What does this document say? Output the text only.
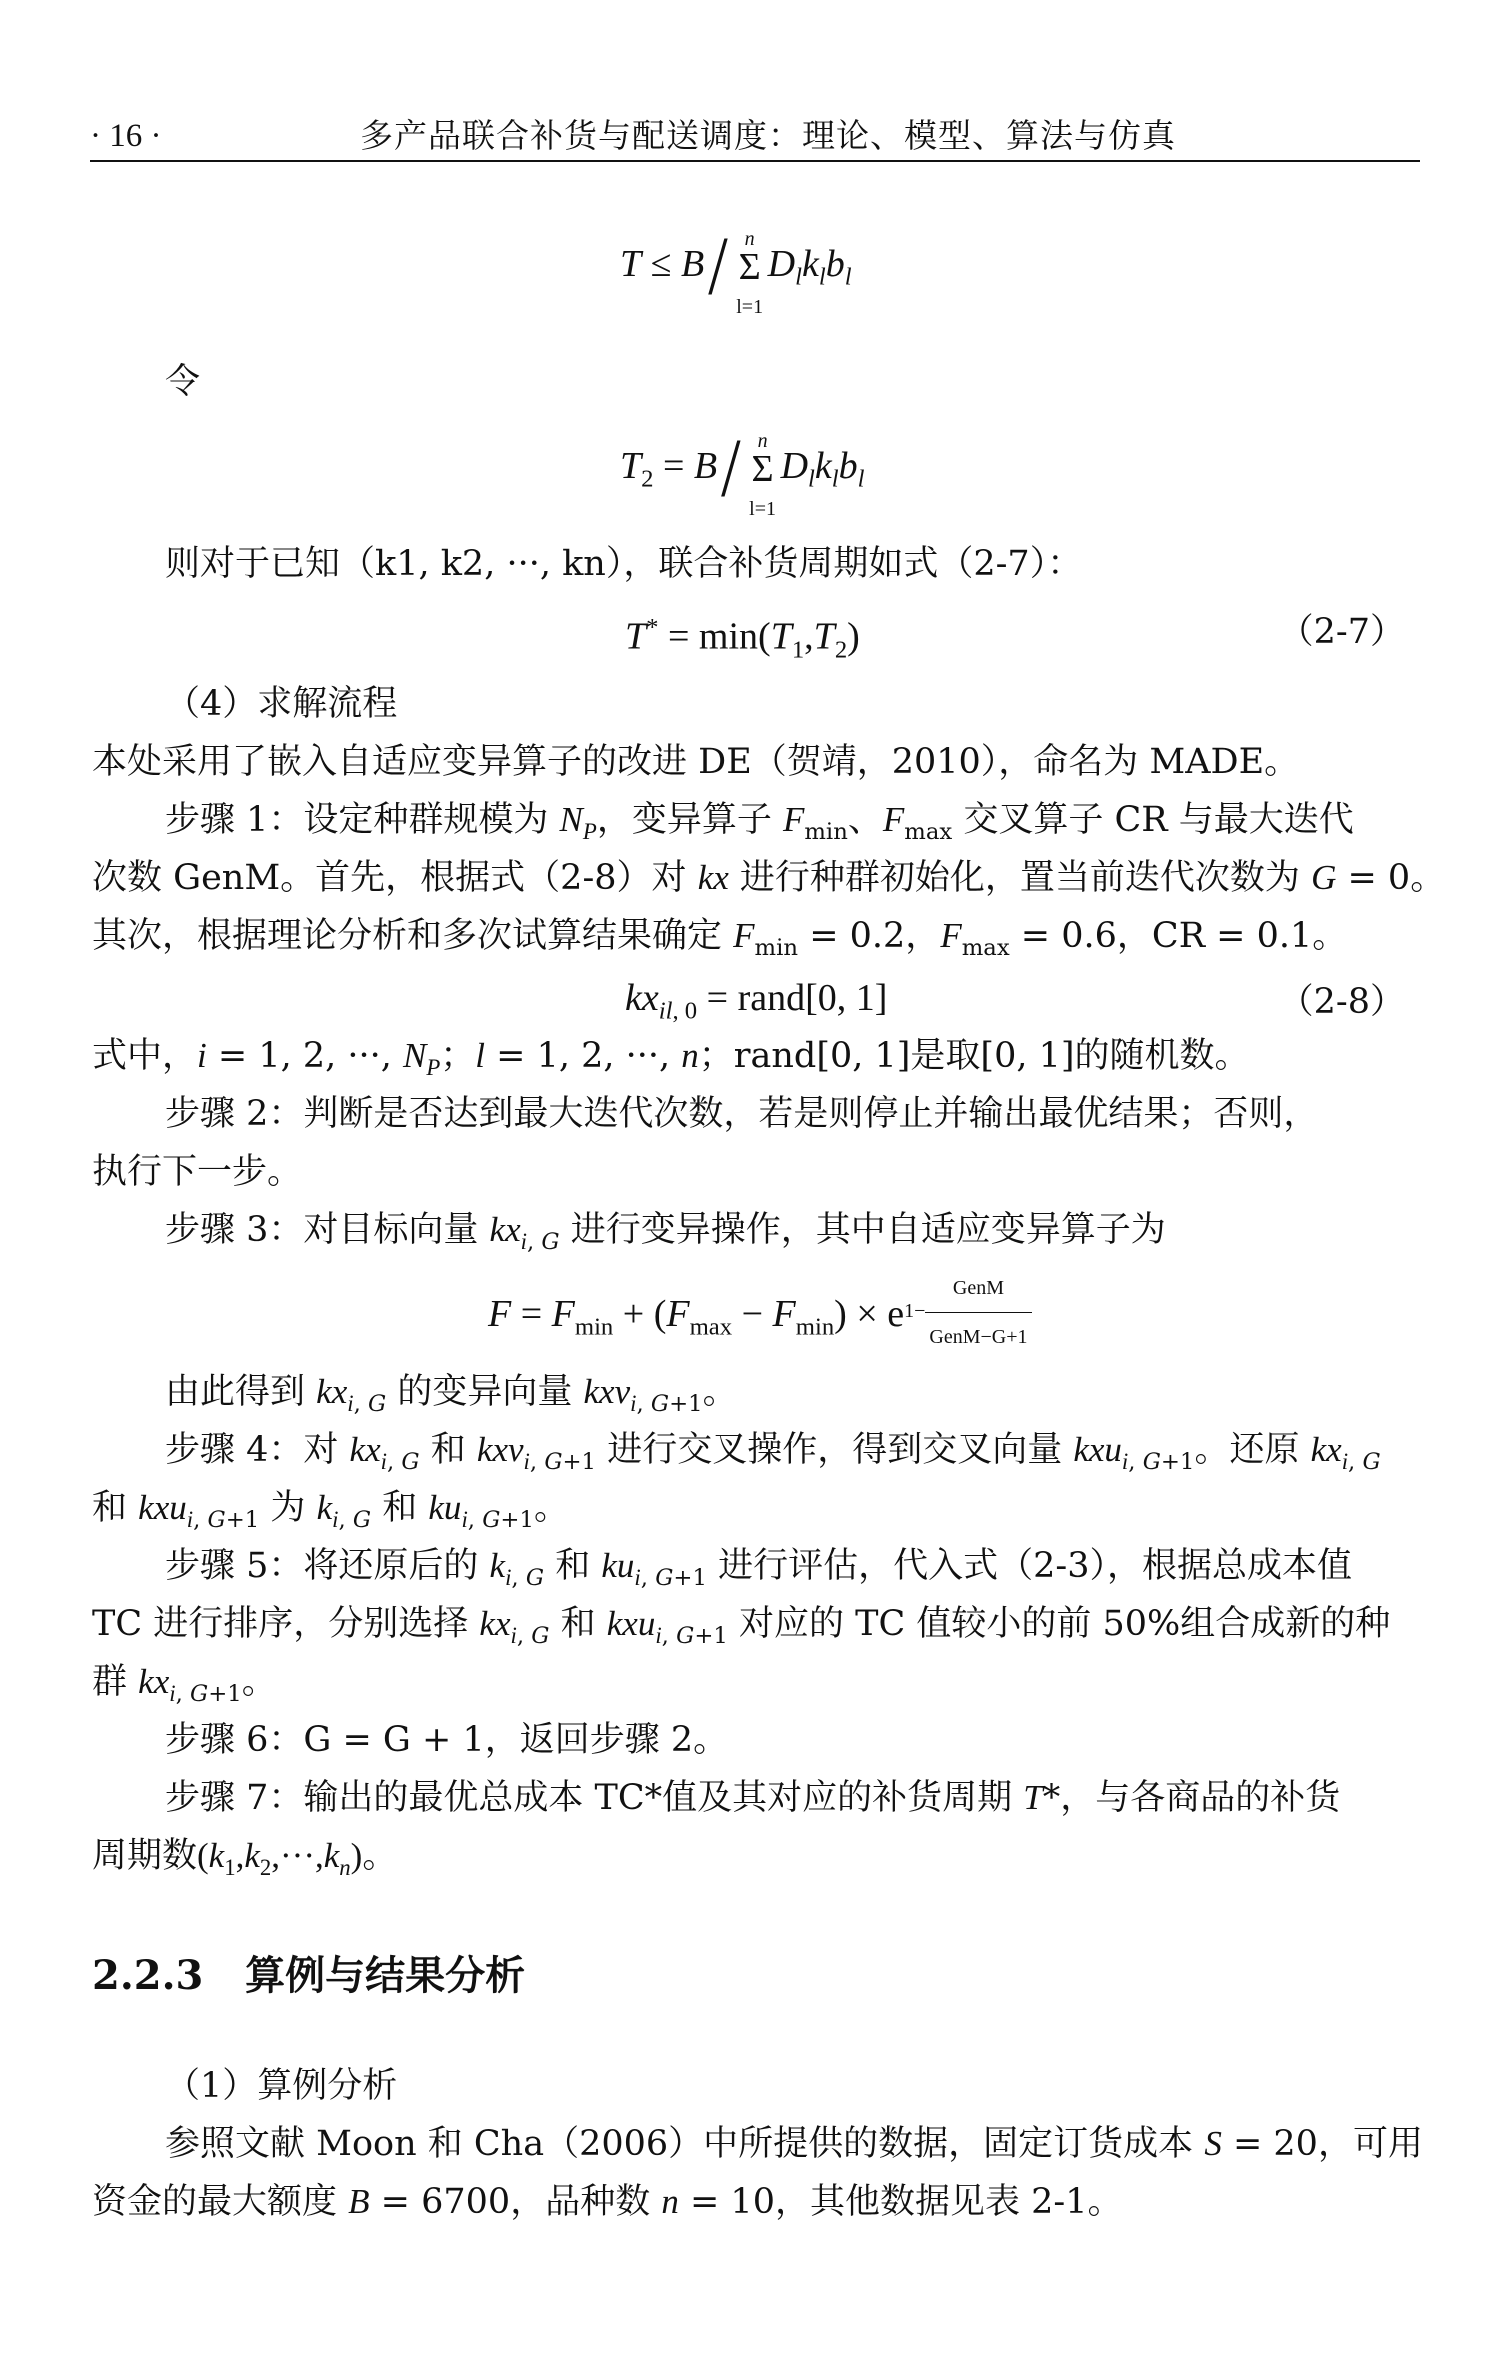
· 16 ·	多产品联合补货与配送调度：理论、模型、算法与仿真
T ≤ B/ n
Σ
l=1
$D_lk_lb_l$
令
$T_2 = B/$ n
Σ
l=1
$D_lk_lb_l$
则对于已知（k1, k2, ···, kn），联合补货周期如式（2-7）：
$T^* = \min(T_1,T_2)$	（2-7）
（4）求解流程
本处采用了嵌入自适应变异算子的改进 DE（贺靖，2010），命名为 MADE。
步骤 1：设定种群规模为 $N_P$，变异算子 $F_{min}$、$F_{max}$ 交叉算子 CR 与最大迭代
次数 GenM。首先，根据式（2-8）对 kx 进行种群初始化，置当前迭代次数为 G = 0。
其次，根据理论分析和多次试算结果确定 $F_{min} = 0.2$，$F_{max} = 0.6$，CR = 0.1。
$kx_{il, 0}$ = rand[0, 1]	（2-8）
式中，i = 1, 2, ···, $N_P$；l = 1, 2, ···, n；rand[0, 1]是取[0, 1]的随机数。
步骤 2：判断是否达到最大迭代次数，若是则停止并输出最优结果；否则，
执行下一步。
步骤 3：对目标向量 $kx_{i, G}$ 进行变异操作，其中自适应变异算子为
$F = F_{min} + (F_{max} - F_{min}) \times e1- \frac{\text{GenM}}{\text{GenM−G+1}}$
由此得到 $kx_{i, G}$ 的变异向量 kxv$_{i, G+1}$。
步骤 4：对 $kx_{i, G}$ 和 kxv$_{i, G+1}$ 进行交叉操作，得到交叉向量 kxu$_{i, G+1}$。还原 $kx_{i, G}$
和 kxu$_{i, G+1}$ 为 $k_{i, G}$ 和 $ku_{i, G+1}$。
步骤 5：将还原后的 $k_{i, G}$ 和 $ku_{i, G+1}$ 进行评估，代入式（2-3），根据总成本值
TC 进行排序，分别选择 $kx_{i, G}$ 和 kxu$_{i, G+1}$ 对应的 TC 值较小的前 50%组合成新的种
群 $kx_{i, G+1}$。
步骤 6：G = G + 1，返回步骤 2。
步骤 7：输出的最优总成本 TC*值及其对应的补货周期 T*，与各商品的补货
周期数$(k_1,k_2,\cdot\cdot\cdot,k_n)$。
2.2.3 算例与结果分析
（1）算例分析
参照文献 Moon 和 Cha（2006）中所提供的数据，固定订货成本 S = 20，可用
资金的最大额度 B = 6700，品种数 n = 10，其他数据见表 2-1。
